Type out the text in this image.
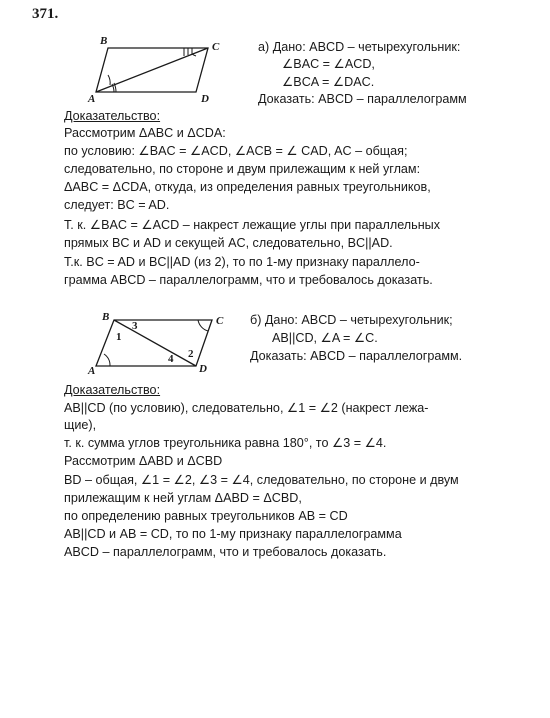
371.
B	C
A	D
а) Дано: ABCD – четырехугольник:
∠BAC = ∠ACD,
∠BCA = ∠DAC.
Доказать: ABCD – параллелограмм
Доказательство:
Рассмотрим ΔABC и ΔCDA:
по условию: ∠BAC = ∠ACD, ∠ACB = ∠ CAD, AC – общая;
следовательно, по стороне и двум прилежащим к ней углам:
ΔABC = ΔCDA, откуда, из определения равных треугольников,
следует: BC = AD.
Т. к. ∠BAC = ∠ACD – накрест лежащие углы при параллельных
прямых BC и AD и секущей AC, следовательно, BC||AD.
Т.к. BC = AD и BC||AD (из 2), то по 1-му признаку параллело-
грамма ABCD – параллелограмм, что и требовалось доказать.
B	C
A	D
1
3
4 2
б) Дано: ABCD – четырехугольник;
AB||CD, ∠A = ∠C.
Доказать: ABCD – параллелограмм.
Доказательство:
AB||CD (по условию), следовательно, ∠1 = ∠2 (накрест лежа-
щие),
т. к. сумма углов треугольника равна 180°, то ∠3 = ∠4.
Рассмотрим ΔABD и ΔCBD
BD – общая, ∠1 = ∠2, ∠3 = ∠4, следовательно, по стороне и двум
прилежащим к ней углам ΔABD = ΔCBD,
по определению равных треугольников AB = CD
AB||CD и AB = CD, то по 1-му признаку параллелограмма
ABCD – параллелограмм, что и требовалось доказать.
